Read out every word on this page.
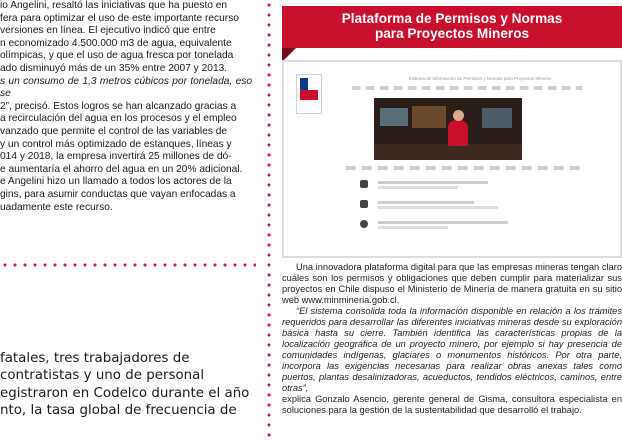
io Angelini, resaltó las iniciativas que ha puesto en

fera para optimizar el uso de este importante recurso

versiones en línea. El ejecutivo indicó que entre

n economizado 4.500.000 m3 de agua, equivalente

olímpicas, y que el uso de agua fresca por tonelada

ado disminuyó más de un 35% entre 2007 y 2013.

s un consumo de 1,3 metros cúbicos por tonelada, eso se

2”, precisó. Estos logros se han alcanzado gracias a

a recirculación del agua en los procesos y el empleo

vanzado que permite el control de las variables de

y un control más optimizado de estanques, líneas y

014 y 2018, la empresa invertirá 25 millones de dó-

e aumentaría el ahorro del agua en un 20% adicional.

e Angelini hizo un llamado a todos los actores de la

gins, para asumir conductas que vayan enfocadas a

uadamente este recurso.

fatales, tres trabajadores de

contratistas y uno de personal

egistraron en Codelco durante el año

nto, la tasa global de frecuencia de

Plataforma de Permisos y Normas
para Proyectos Mineros
Sistema de Información de Permisos y Normas para Proyectos Mineros

Una innovadora plataforma digital para que las empresas mineras tengan claro cuáles son los permisos y obligaciones que deben cumplir para materializar sus proyectos en Chile dispuso el Ministerio de Minería de manera gratuita en su sitio web www.minmineria.gob.cl.

“El sistema consolida toda la información disponible en relación a los trámites requeridos para desarrollar las diferentes iniciativas mineras desde su exploración básica hasta su cierre. También identifica las características propias de la localización geográfica de un proyecto minero, por ejemplo si hay presencia de comunidades indígenas, glaciares o monumentos históricos. Por otra parte, incorpora las exigencias necesarias para realizar obras anexas tales como puertos, plantas desalinizadoras, acueductos, tendidos eléctricos, caminos, entre otras”,

explica Gonzalo Asencio, gerente general de Gisma, consultora especialista en soluciones para la gestión de la sustentabilidad que desarrolló el trabajo.
